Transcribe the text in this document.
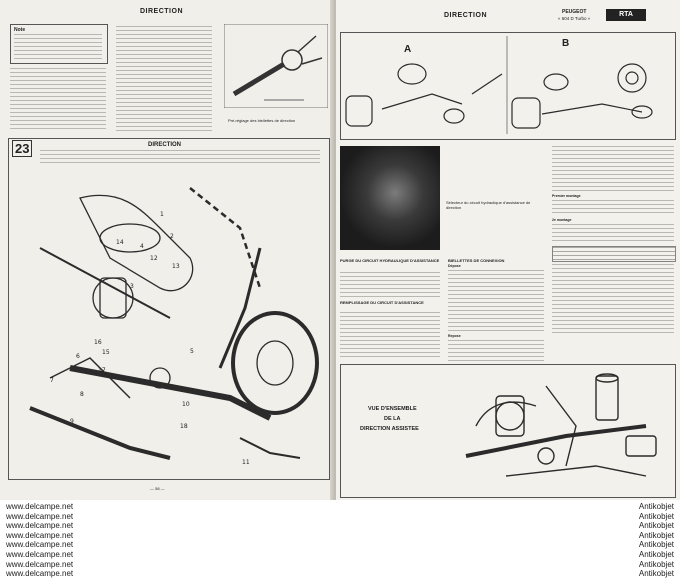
DIRECTION
Note
Pré-réglage des biellettes de direction
23	DIRECTION
1
2
3
4
5
6
7
8
9
10
11
12
13
14
15
16
17
18
— 58 —
DIRECTION	PEUGEOT
« 604 D Turbo »
RTA
A
B
Sélecteur du circuit hydraulique d'assistance de direction
PURGE DU CIRCUIT HYDRAULIQUE D'ASSISTANCE
REMPLISSAGE DU CIRCUIT D'ASSISTANCE
BIELLETTES DE CONNEXION
Dépose
Repose
Premier montage
2e montage
VUE D'ENSEMBLE
DE LA
DIRECTION ASSISTEE
www.delcampe.net
www.delcampe.net
www.delcampe.net
www.delcampe.net
www.delcampe.net
www.delcampe.net
www.delcampe.net
www.delcampe.net
Antikobjet
Antikobjet
Antikobjet
Antikobjet
Antikobjet
Antikobjet
Antikobjet
Antikobjet
